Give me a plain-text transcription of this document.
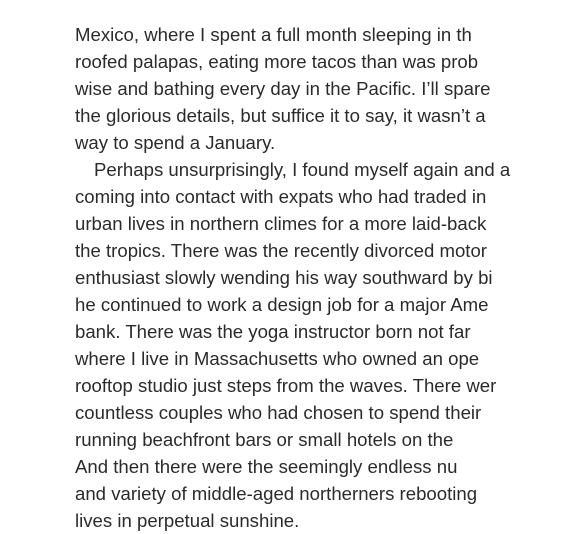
Mexico, where I spent a full month sleeping in th
roofed palapas, eating more tacos than was prob
wise and bathing every day in the Pacific. I’ll spare
the glorious details, but suffice it to say, it wasn’t a
way to spend a January.
Perhaps unsurprisingly, I found myself again and a
coming into contact with expats who had traded in
urban lives in northern climes for a more laid-back
the tropics. There was the recently divorced motor
enthusiast slowly wending his way southward by bi
he continued to work a design job for a major Ame
bank. There was the yoga instructor born not far
where I live in Massachusetts who owned an ope
rooftop studio just steps from the waves. There wer
countless couples who had chosen to spend their
running beachfront bars or small hotels on the
And then there were the seemingly endless nu
and variety of middle-aged northerners rebooting
lives in perpetual sunshine.
